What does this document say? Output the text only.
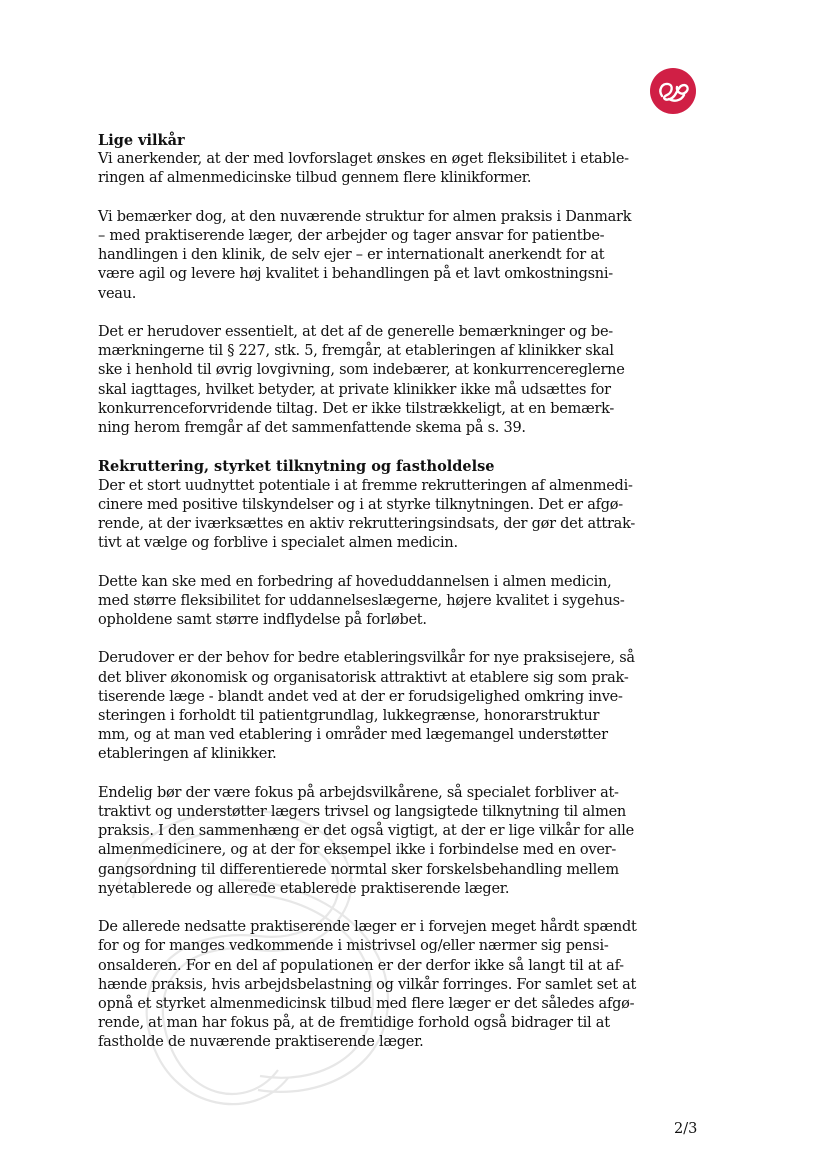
Lige vilkår
Vi anerkender, at der med lovforslaget ønskes en øget fleksibilitet i etable-
ringen af almenmedicinske tilbud gennem flere klinikformer.
Vi bemærker dog, at den nuværende struktur for almen praksis i Danmark
– med praktiserende læger, der arbejder og tager ansvar for patientbe-
handlingen i den klinik, de selv ejer – er internationalt anerkendt for at
være agil og levere høj kvalitet i behandlingen på et lavt omkostningsni-
veau.
Det er herudover essentielt, at det af de generelle bemærkninger og be-
mærkningerne til § 227, stk. 5, fremgår, at etableringen af klinikker skal
ske i henhold til øvrig lovgivning, som indebærer, at konkurrencereglerne
skal iagttages, hvilket betyder, at private klinikker ikke må udsættes for
konkurrenceforvridende tiltag. Det er ikke tilstrækkeligt, at en bemærk-
ning herom fremgår af det sammenfattende skema på s. 39.
Rekruttering, styrket tilknytning og fastholdelse
Der et stort uudnyttet potentiale i at fremme rekrutteringen af almenmedi-
cinere med positive tilskyndelser og i at styrke tilknytningen. Det er afgø-
rende, at der iværksættes en aktiv rekrutteringsindsats, der gør det attrak-
tivt at vælge og forblive i specialet almen medicin.
Dette kan ske med en forbedring af hoveduddannelsen i almen medicin,
med større fleksibilitet for uddannelseslægerne, højere kvalitet i sygehus-
opholdene samt større indflydelse på forløbet.
Derudover er der behov for bedre etableringsvilkår for nye praksisejere, så
det bliver økonomisk og organisatorisk attraktivt at etablere sig som prak-
tiserende læge - blandt andet ved at der er forudsigelighed omkring inve-
steringen i forholdt til patientgrundlag, lukkegrænse, honorarstruktur
mm, og at man ved etablering i områder med lægemangel understøtter
etableringen af klinikker.
Endelig bør der være fokus på arbejdsvilkårene, så specialet forbliver at-
traktivt og understøtter lægers trivsel og langsigtede tilknytning til almen
praksis. I den sammenhæng er det også vigtigt, at der er lige vilkår for alle
almenmedicinere, og at der for eksempel ikke i forbindelse med en over-
gangsordning til differentierede normtal sker forskelsbehandling mellem
nyetablerede og allerede etablerede praktiserende læger.
De allerede nedsatte praktiserende læger er i forvejen meget hårdt spændt
for og for manges vedkommende i mistrivsel og/eller nærmer sig pensi-
onsalderen. For en del af populationen er der derfor ikke så langt til at af-
hænde praksis, hvis arbejdsbelastning og vilkår forringes. For samlet set at
opnå et styrket almenmedicinsk tilbud med flere læger er det således afgø-
rende, at man har fokus på, at de fremtidige forhold også bidrager til at
fastholde de nuværende praktiserende læger.
2/3
